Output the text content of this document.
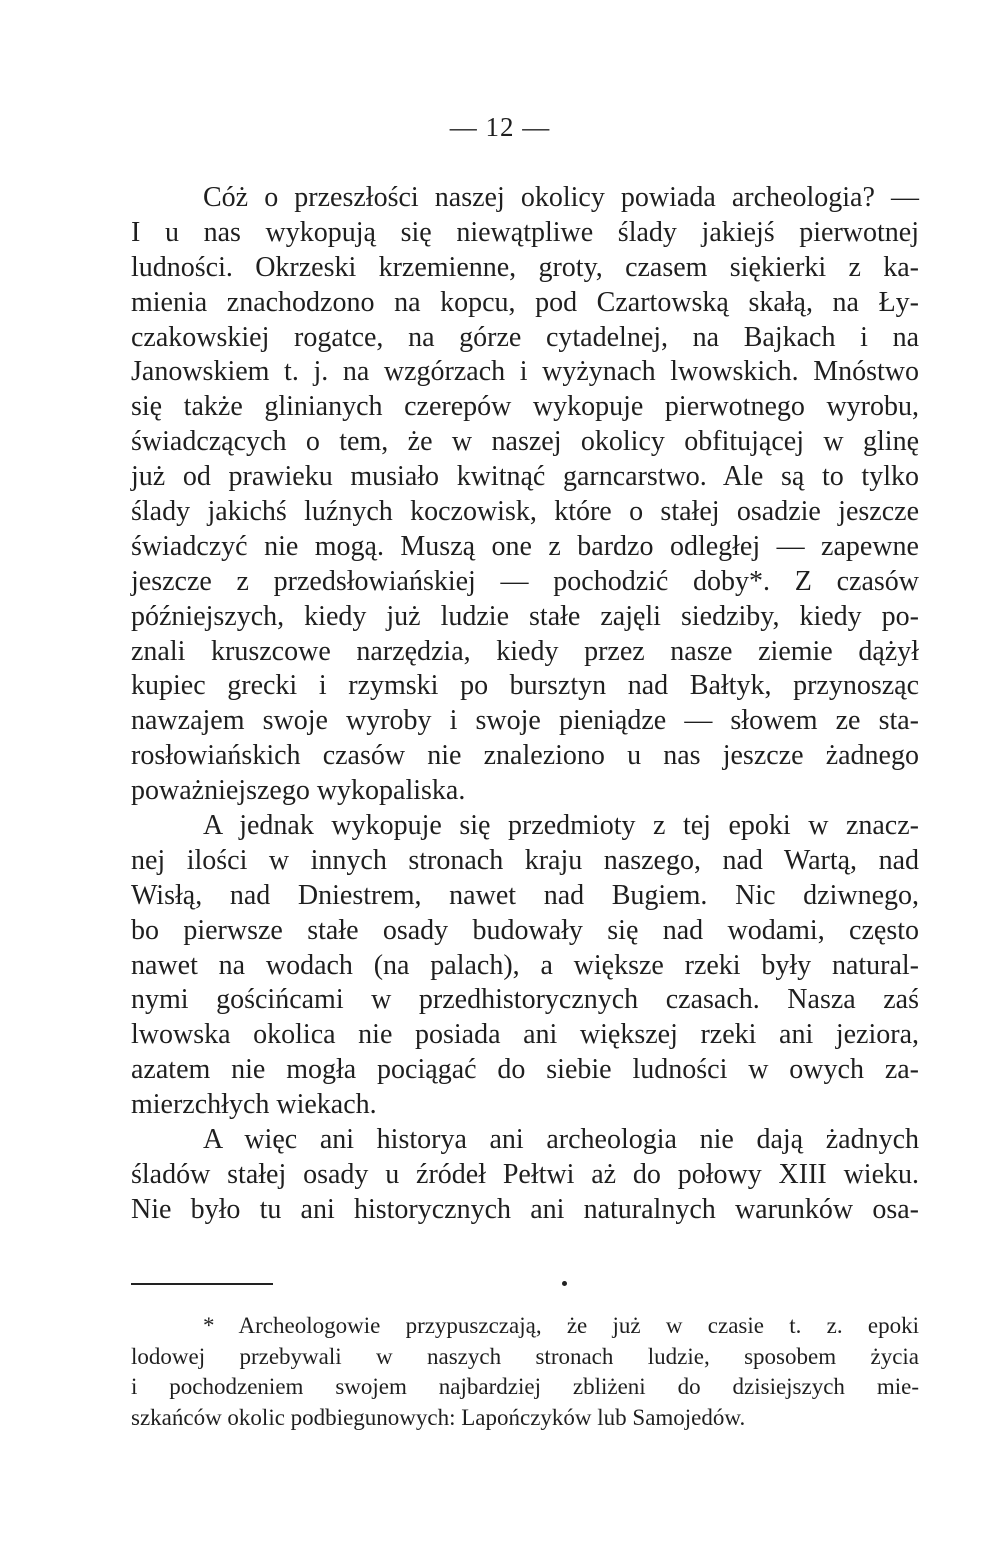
— 12 —
Cóż o przeszłości naszej okolicy powiada archeologia? —
I u nas wykopują się niewątpliwe ślady jakiejś pierwotnej
ludności. Okrzeski krzemienne, groty, czasem siękierki z ka-
mienia znachodzono na kopcu, pod Czartowską skałą, na Ły-
czakowskiej rogatce, na górze cytadelnej, na Bajkach i na
Janowskiem t. j. na wzgórzach i wyżynach lwowskich. Mnóstwo
się także glinianych czerepów wykopuje pierwotnego wyrobu,
świadczących o tem, że w naszej okolicy obfitującej w glinę
już od prawieku musiało kwitnąć garncarstwo. Ale są to tylko
ślady jakichś luźnych koczowisk, które o stałej osadzie jeszcze
świadczyć nie mogą. Muszą one z bardzo odległej — zapewne
jeszcze z przedsłowiańskiej — pochodzić doby*. Z czasów
późniejszych, kiedy już ludzie stałe zajęli siedziby, kiedy po-
znali kruszcowe narzędzia, kiedy przez nasze ziemie dążył
kupiec grecki i rzymski po bursztyn nad Bałtyk, przynosząc
nawzajem swoje wyroby i swoje pieniądze — słowem ze sta-
rosłowiańskich czasów nie znaleziono u nas jeszcze żadnego
poważniejszego wykopaliska.
A jednak wykopuje się przedmioty z tej epoki w znacz-
nej ilości w innych stronach kraju naszego, nad Wartą, nad
Wisłą, nad Dniestrem, nawet nad Bugiem. Nic dziwnego,
bo pierwsze stałe osady budowały się nad wodami, często
nawet na wodach (na palach), a większe rzeki były natural-
nymi gościńcami w przedhistorycznych czasach. Nasza zaś
lwowska okolica nie posiada ani większej rzeki ani jeziora,
azatem nie mogła pociągać do siebie ludności w owych za-
mierzchłych wiekach.
A więc ani historya ani archeologia nie dają żadnych
śladów stałej osady u źródeł Pełtwi aż do połowy XIII wieku.
Nie było tu ani historycznych ani naturalnych warunków osa-
* Archeologowie przypuszczają, że już w czasie t. z. epoki
lodowej przebywali w naszych stronach ludzie, sposobem życia
i pochodzeniem swojem najbardziej zbliżeni do dzisiejszych mie-
szkańców okolic podbiegunowych: Lapończyków lub Samojedów.
